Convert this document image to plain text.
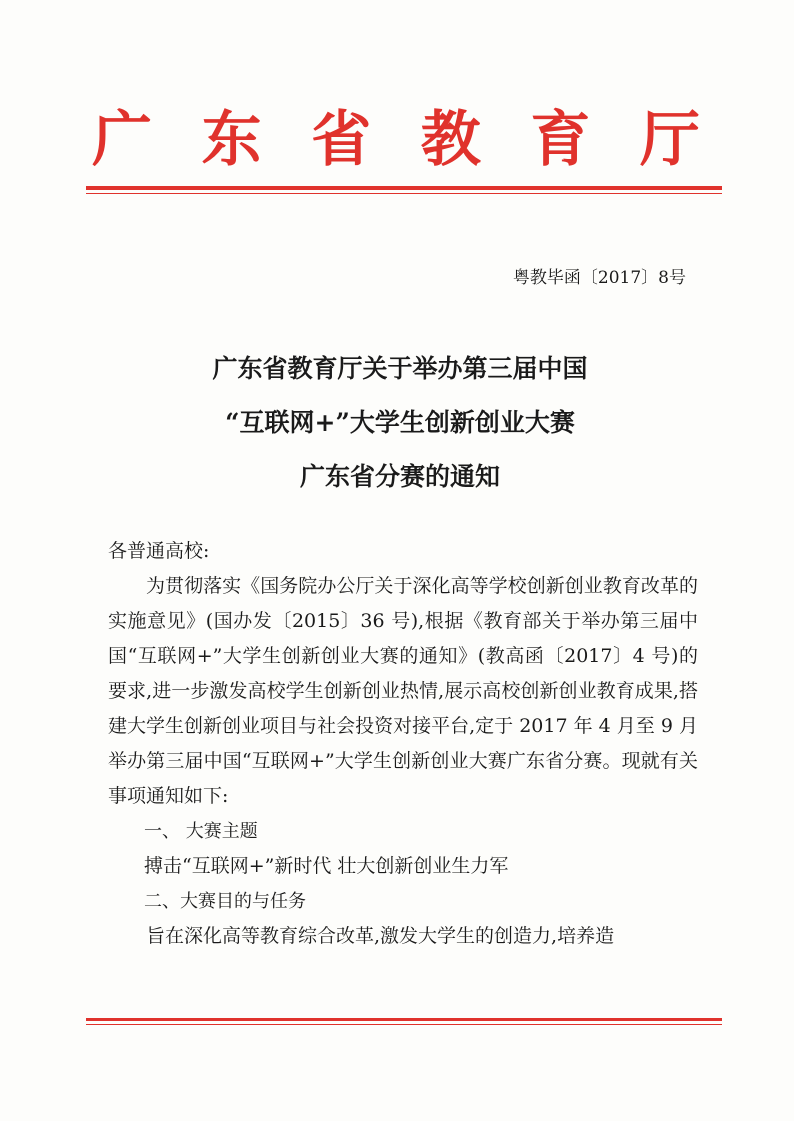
广 东 省 教 育 厅
粤教毕函〔2017〕8号
广东省教育厅关于举办第三届中国
“互联网+”大学生创新创业大赛
广东省分赛的通知

各普通高校:

为贯彻落实《国务院办公厅关于深化高等学校创新创业教育改革的实施意见》(国办发〔2015〕36 号),根据《教育部关于举办第三届中国“互联网+”大学生创新创业大赛的通知》(教高函〔2017〕4 号)的要求,进一步激发高校学生创新创业热情,展示高校创新创业教育成果,搭建大学生创新创业项目与社会投资对接平台,定于 2017 年 4 月至 9 月举办第三届中国“互联网+”大学生创新创业大赛广东省分赛。现就有关事项通知如下:

一、 大赛主题

搏击“互联网+”新时代 壮大创新创业生力军

二、大赛目的与任务

旨在深化高等教育综合改革,激发大学生的创造力,培养造
